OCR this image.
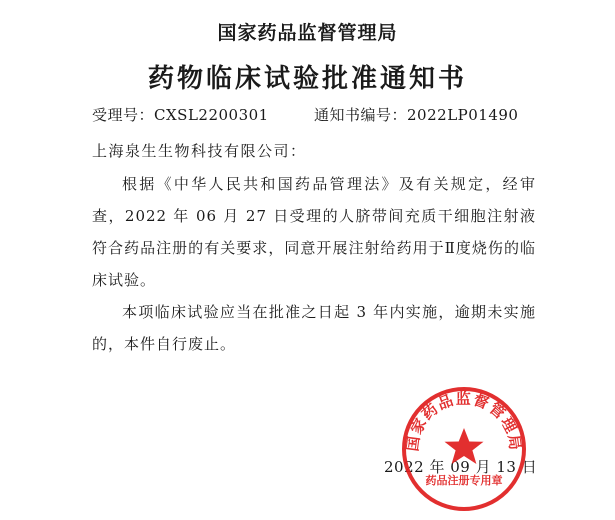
国家药品监督管理局
药物临床试验批准通知书
受理号：CXSL2200301	通知书编号：2022LP01490
上海泉生生物科技有限公司：
根据《中华人民共和国药品管理法》及有关规定，经审查，2022 年 06 月 27 日受理的人脐带间充质干细胞注射液符合药品注册的有关要求，同意开展注射给药用于Ⅱ度烧伤的临床试验。
本项临床试验应当在批准之日起 3 年内实施，逾期未实施的，本件自行废止。
2022 年 09 月 13 日
国家药品监督管理局
药品注册专用章
